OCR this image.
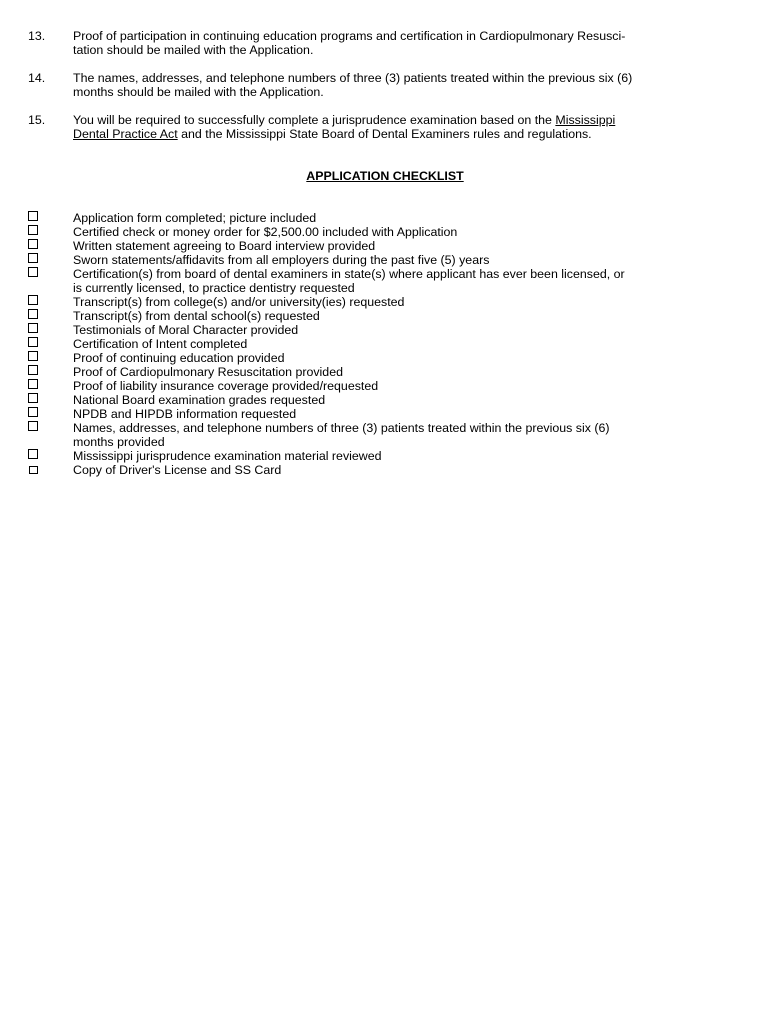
13. Proof of participation in continuing education programs and certification in Cardiopulmonary Resusci-
tation should be mailed with the Application.
14. The names, addresses, and telephone numbers of three (3) patients treated within the previous six (6)
months should be mailed with the Application.
15. You will be required to successfully complete a jurisprudence examination based on the Mississippi
Dental Practice Act and the Mississippi State Board of Dental Examiners rules and regulations.
APPLICATION CHECKLIST
Application form completed; picture included
Certified check or money order for $2,500.00 included with Application
Written statement agreeing to Board interview provided
Sworn statements/affidavits from all employers during the past five (5) years
Certification(s) from board of dental examiners in state(s) where applicant has ever been licensed, or
is currently licensed, to practice dentistry requested
Transcript(s) from college(s) and/or university(ies) requested
Transcript(s) from dental school(s) requested
Testimonials of Moral Character provided
Certification of Intent completed
Proof of continuing education provided
Proof of Cardiopulmonary Resuscitation provided
Proof of liability insurance coverage provided/requested
National Board examination grades requested
NPDB and HIPDB information requested
Names, addresses, and telephone numbers of three (3) patients treated within the previous six (6)
months provided
Mississippi jurisprudence examination material reviewed
Copy of Driver's License and SS Card
